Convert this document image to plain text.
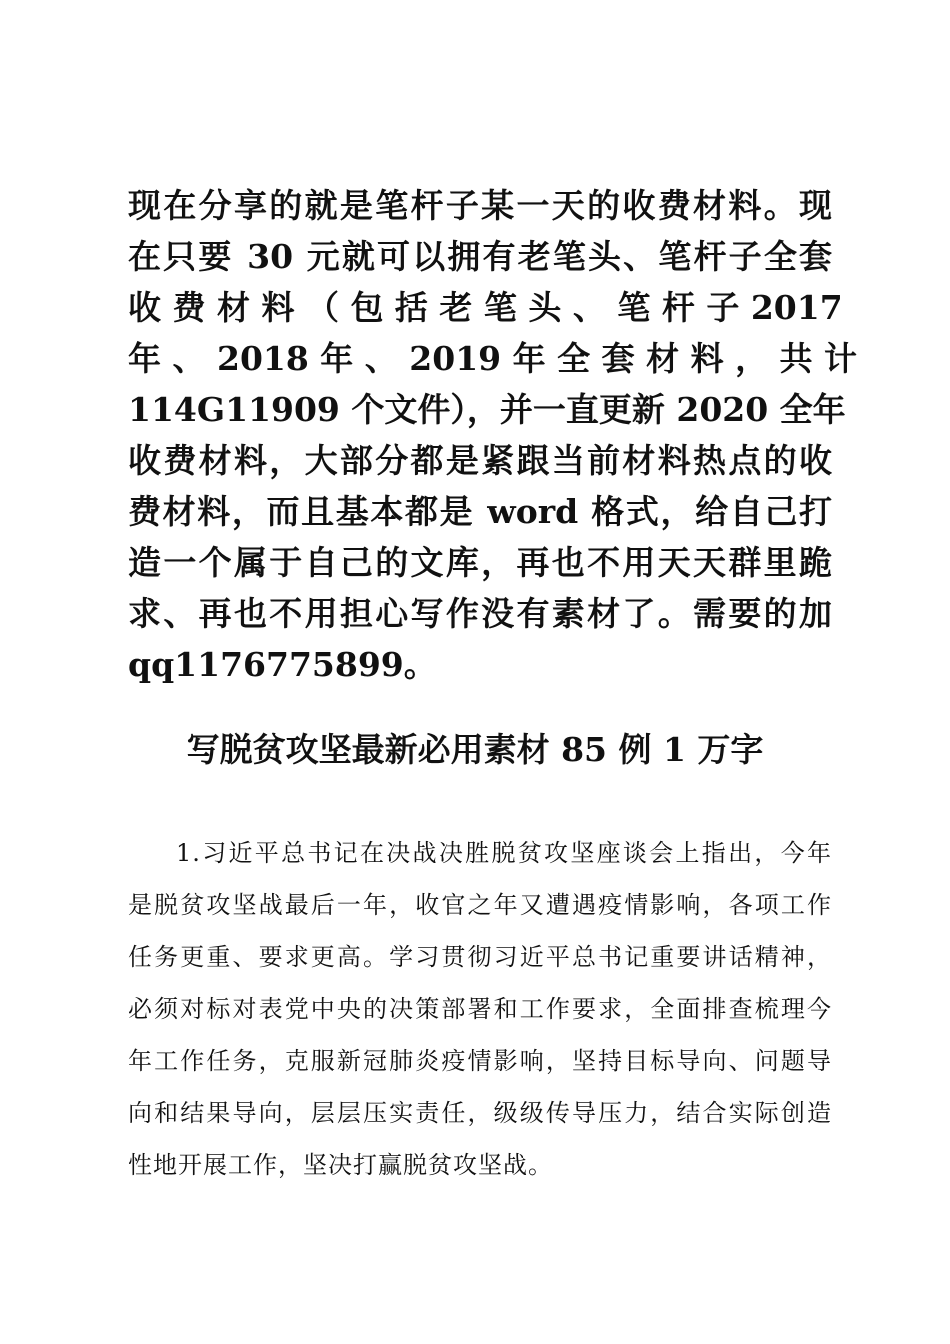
现在分享的就是笔杆子某一天的收费材料。现
在只要 30 元就可以拥有老笔头、笔杆子全套
收 费 材 料 （ 包 括 老 笔 头 、 笔 杆 子 2017
年 、 2018 年 、 2019 年 全 套 材 料 ， 共 计
114G11909 个文件），并一直更新 2020 全年
收费材料，大部分都是紧跟当前材料热点的收
费材料，而且基本都是 word 格式，给自己打
造一个属于自己的文库，再也不用天天群里跪
求、再也不用担心写作没有素材了。需要的加
qq1176775899。
写脱贫攻坚最新必用素材 85 例 1 万字
1.习近平总书记在决战决胜脱贫攻坚座谈会上指出，今年
是脱贫攻坚战最后一年，收官之年又遭遇疫情影响，各项工作
任务更重、要求更高。学习贯彻习近平总书记重要讲话精神，
必须对标对表党中央的决策部署和工作要求，全面排查梳理今
年工作任务，克服新冠肺炎疫情影响，坚持目标导向、问题导
向和结果导向，层层压实责任，级级传导压力，结合实际创造
性地开展工作，坚决打赢脱贫攻坚战。
